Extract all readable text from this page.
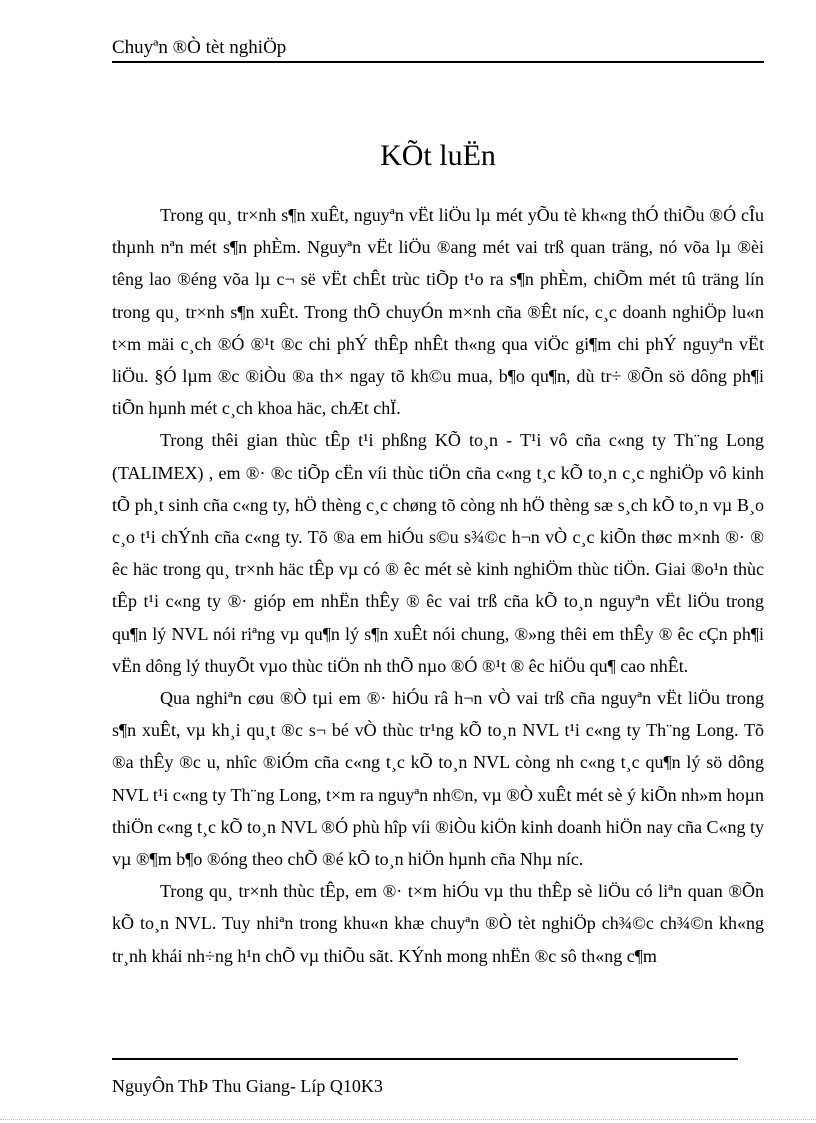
Chuyªn ®Ò tèt nghiÖp
KÕt luËn

Trong qu¸ tr×nh s¶n xuÊt, nguyªn vËt liÖu lµ mét yÕu tè kh«ng thÓ thiÕu ®Ó cÎu thµnh nªn mét s¶n phÈm. Nguyªn vËt liÖu ®ang mét vai trß quan träng, nó võa lµ ®èi têng lao ®éng võa lµ c¬ së vËt chÊt trùc tiÕp t¹o ra s¶n phÈm, chiÕm mét tû träng lín trong qu¸ tr×nh s¶n xuÊt. Trong thÕ chuyÓn m×nh cña ®Êt níc, c¸c doanh nghiÖp lu«n t×m mäi c¸ch ®Ó ®¹t ®c chi phÝ thÊp nhÊt th«ng qua viÖc gi¶m chi phÝ nguyªn vËt liÖu. §Ó lµm ®c ®iÒu ®a th× ngay tõ kh©u mua, b¶o qu¶n, dù tr÷ ®Õn sö dông ph¶i tiÕn hµnh mét c¸ch khoa häc, chÆt chÏ.

Trong thêi gian thùc tÊp t¹i phßng KÕ to¸n - T¹i vô cña c«ng ty Th¨ng Long (TALIMEX) , em ®· ®c tiÕp cËn víi thùc tiÖn cña c«ng t¸c kÕ to¸n c¸c nghiÖp vô kinh tÕ ph¸t sinh cña c«ng ty, hÖ thèng c¸c chøng tõ còng nh hÖ thèng sæ s¸ch kÕ to¸n vµ B¸o c¸o t¹i chÝnh cña c«ng ty. Tõ ®a em hiÓu s©u s¾©c h¬n vÒ c¸c kiÕn thøc m×nh ®· ® êc häc trong qu¸ tr×nh häc tÊp vµ có ® êc mét sè kinh nghiÖm thùc tiÖn. Giai ®o¹n thùc tÊp t¹i c«ng ty ®· gióp em nhËn thÊy ® êc vai trß cña kÕ to¸n nguyªn vËt liÖu trong qu¶n lý NVL nói riªng vµ qu¶n lý s¶n xuÊt nói chung, ®»ng thêi em thÊy ® êc cÇn ph¶i vËn dông lý thuyÕt vµo thùc tiÖn nh thÕ nµo ®Ó ®¹t ® êc hiÖu qu¶ cao nhÊt.

Qua nghiªn cøu ®Ò tµi em ®· hiÓu râ h¬n vÒ vai trß cña nguyªn vËt liÖu trong s¶n xuÊt, vµ kh¸i qu¸t ®c s¬ bé vÒ thùc tr¹ng kÕ to¸n NVL t¹i c«ng ty Th¨ng Long. Tõ ®a thÊy ®c u, nhîc ®iÓm cña c«ng t¸c kÕ to¸n NVL còng nh c«ng t¸c qu¶n lý sö dông NVL t¹i c«ng ty Th¨ng Long, t×m ra nguyªn nh©n, vµ ®Ò xuÊt mét sè ý kiÕn nh»m hoµn thiÖn c«ng t¸c kÕ to¸n NVL ®Ó phù hîp víi ®iÒu kiÖn kinh doanh hiÖn nay cña C«ng ty vµ ®¶m b¶o ®óng theo chÕ ®é kÕ to¸n hiÖn hµnh cña Nhµ níc.

Trong qu¸ tr×nh thùc tÊp, em ®· t×m hiÓu vµ thu thÊp sè liÖu có liªn quan ®Õn kÕ to¸n NVL. Tuy nhiªn trong khu«n khæ chuyªn ®Ò tèt nghiÖp ch¾©c ch¾©n kh«ng tr¸nh khái nh÷ng h¹n chÕ vµ thiÕu sãt. KÝnh mong nhËn ®c sô th«ng c¶m

NguyÔn ThÞ Thu Giang- Líp Q10K3
